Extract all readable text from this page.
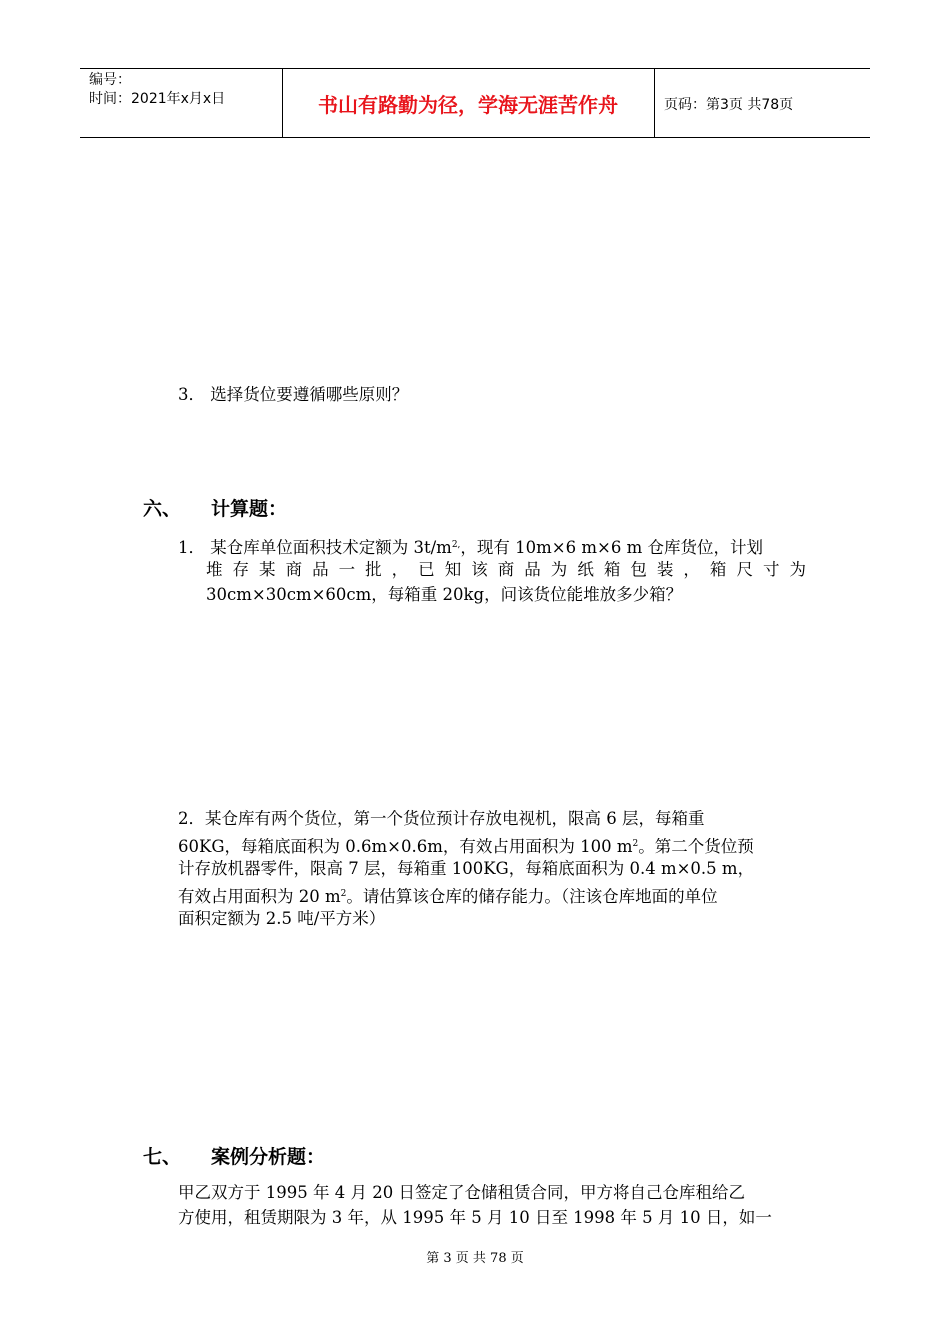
编号：
时间：2021年x月x日	书山有路勤为径，学海无涯苦作舟	页码：第3页 共78页
3． 选择货位要遵循哪些原则？
六、 计算题：
1． 某仓库单位面积技术定额为 $3t/m^{2,}$，现有 10m×6 m×6 m 仓库货位，计划
堆存某商品一批，已知该商品为纸箱包装，箱尺寸为
30cm×30cm×60cm，每箱重 20kg，问该货位能堆放多少箱？
2．某仓库有两个货位，第一个货位预计存放电视机，限高 6 层，每箱重
60KG，每箱底面积为 0.6m×0.6m，有效占用面积为 100 $m^2$。第二个货位预
计存放机器零件，限高 7 层，每箱重 100KG，每箱底面积为 0.4 m×0.5 m，
有效占用面积为 20 $m^2$。请估算该仓库的储存能力。（注该仓库地面的单位
面积定额为 2.5 吨/平方米）
七、 案例分析题：
甲乙双方于 1995 年 4 月 20 日签定了仓储租赁合同，甲方将自己仓库租给乙
方使用，租赁期限为 3 年，从 1995 年 5 月 10 日至 1998 年 5 月 10 日，如一
第 3 页 共 78 页
